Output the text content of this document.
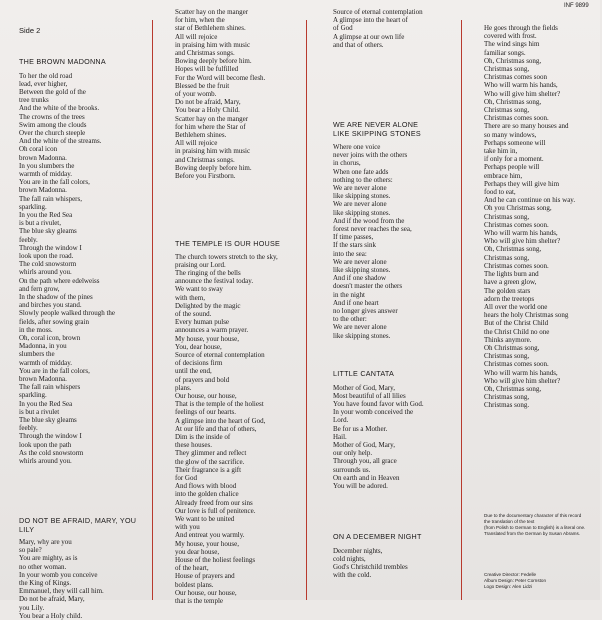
Side 2
INF 9899
THE BROWN MADONNA

To her the old road
lead, ever higher,
Between the gold of the
tree trunks
And the white of the brooks.
The crowns of the trees
Swim among the clouds
Over the church steeple
And the white of the streams.
Oh coral icon
brown Madonna.
In you slumbers the
warmth of midday.
You are in the fall colors,
brown Madonna.
The fall rain whispers,
sparkling.
In you the Red Sea
is but a rivulet,
The blue sky gleams
feebly.
Through the window I
look upon the road.
The cold snowstorm
whirls around you.
On the path where edelweiss
and fern grow,
In the shadow of the pines
and birches you stand.
Slowly people walked through the
fields, after sowing grain
in the moss.
Oh, coral icon, brown
Madonna, in you
slumbers the
warmth of midday.
You are in the fall colors,
brown Madonna.
The fall rain whispers
sparkling.
In you the Red Sea
is but a rivulet
The blue sky gleams
feebly.
Through the window I
look upon the path
As the cold snowstorm
whirls around you.

DO NOT BE AFRAID, MARY, YOU LILY

Mary, why are you
so pale?
You are mighty, as is
no other woman.
In your womb you conceive
the King of Kings.
Emmanuel, they will call him.
Do not be afraid, Mary,
you Lily.
You bear a Holy child.

Scatter hay on the manger
for him, when the
star of Bethlehem shines.
All will rejoice
in praising him with music
and Christmas songs.
Bowing deeply before him.
Hopes will be fulfilled
For the Word will become flesh.
Blessed be the fruit
of your womb.
Do not be afraid, Mary,
You bear a Holy Child.
Scatter hay on the manger
for him where the Star of
Bethlehem shines.
All will rejoice
in praising him with music
and Christmas songs.
Bowing deeply before him.
Before you Firstborn.

THE TEMPLE IS OUR HOUSE

The church towers stretch to the sky,
praising our Lord.
The ringing of the bells
announce the festival today.
We want to sway
with them,
Delighted by the magic
of the sound.
Every human pulse
announces a warm prayer.
My house, your house,
You, dear house,
Source of eternal contemplation
of decisions firm
until the end,
of prayers and bold
plans.
Our house, our house,
That is the temple of the holiest
feelings of our hearts.
A glimpse into the heart of God,
At our life and that of others,
Dim is the inside of
these houses.
They glimmer and reflect
the glow of the sacrifice.
Their fragrance is a gift
for God
And flows with blood
into the golden chalice
Already freed from our sins
Our love is full of penitence.
We want to be united
with you
And entreat you warmly.
My house, your house,
you dear house,
House of the holiest feelings
of the heart,
House of prayers and
boldest plans.
Our house, our house,
that is the temple

Source of eternal contemplation
A glimpse into the heart of
of God
A glimpse at our own life
and that of others.

WE ARE NEVER ALONE
LIKE SKIPPING STONES

Where one voice
never joins with the others
in chorus,
When one fate adds
nothing to the others:
We are never alone
like skipping stones.
We are never alone
like skipping stones.
And if the wood from the
forest never reaches the sea,
If time passes,
If the stars sink
into the sea:
We are never alone
like skipping stones.
And if one shadow
doesn't master the others
in the night
And if one heart
no longer gives answer
to the other:
We are never alone
like skipping stones.

LITTLE CANTATA

Mother of God, Mary,
Most beautiful of all lilies
You have found favor with God.
In your womb conceived the
Lord.
Be for us a Mother.
Hail.
Mother of God, Mary,
our only help.
Through you, all grace
surrounds us.
On earth and in Heaven
You will be adored.

ON A DECEMBER NIGHT

December nights,
cold nights,
God's Christchild trembles
with the cold.

He goes through the fields
covered with frost.
The wind sings him
familiar songs.
Oh, Christmas song,
Christmas song,
Christmas comes soon
Who will warm his hands,
Who will give him shelter?
Oh, Christmas song,
Christmas song,
Christmas comes soon.
There are so many houses and
so many windows,
Perhaps someone will
take him in,
if only for a moment.
Perhaps people will
embrace him,
Perhaps they will give him
food to eat,
And he can continue on his way.
Oh you Christmas song,
Christmas song,
Christmas comes soon.
Who will warm his hands,
Who will give him shelter?
Oh, Christmas song,
Christmas song,
Christmas comes soon.
The lights burn and
have a green glow,
The golden stars
adorn the treetops
All over the world one
hears the holy Christmas song
But of the Christ Child
the Christ Child no one
Thinks anymore.
Oh Christmas song,
Christmas song,
Christmas comes soon.
Who will warm his hands,
Who will give him shelter?
Oh, Christmas song,
Christmas song,
Christmas song.

Due to the documentary character of this record
the translation of the text
(from Polish to German to English) is a literal one.
Translated from the German by Susan Abrams.

Creative Director: Fedelle
Album Design: Peter Cornston
Logo Design: Alen Lidzi
